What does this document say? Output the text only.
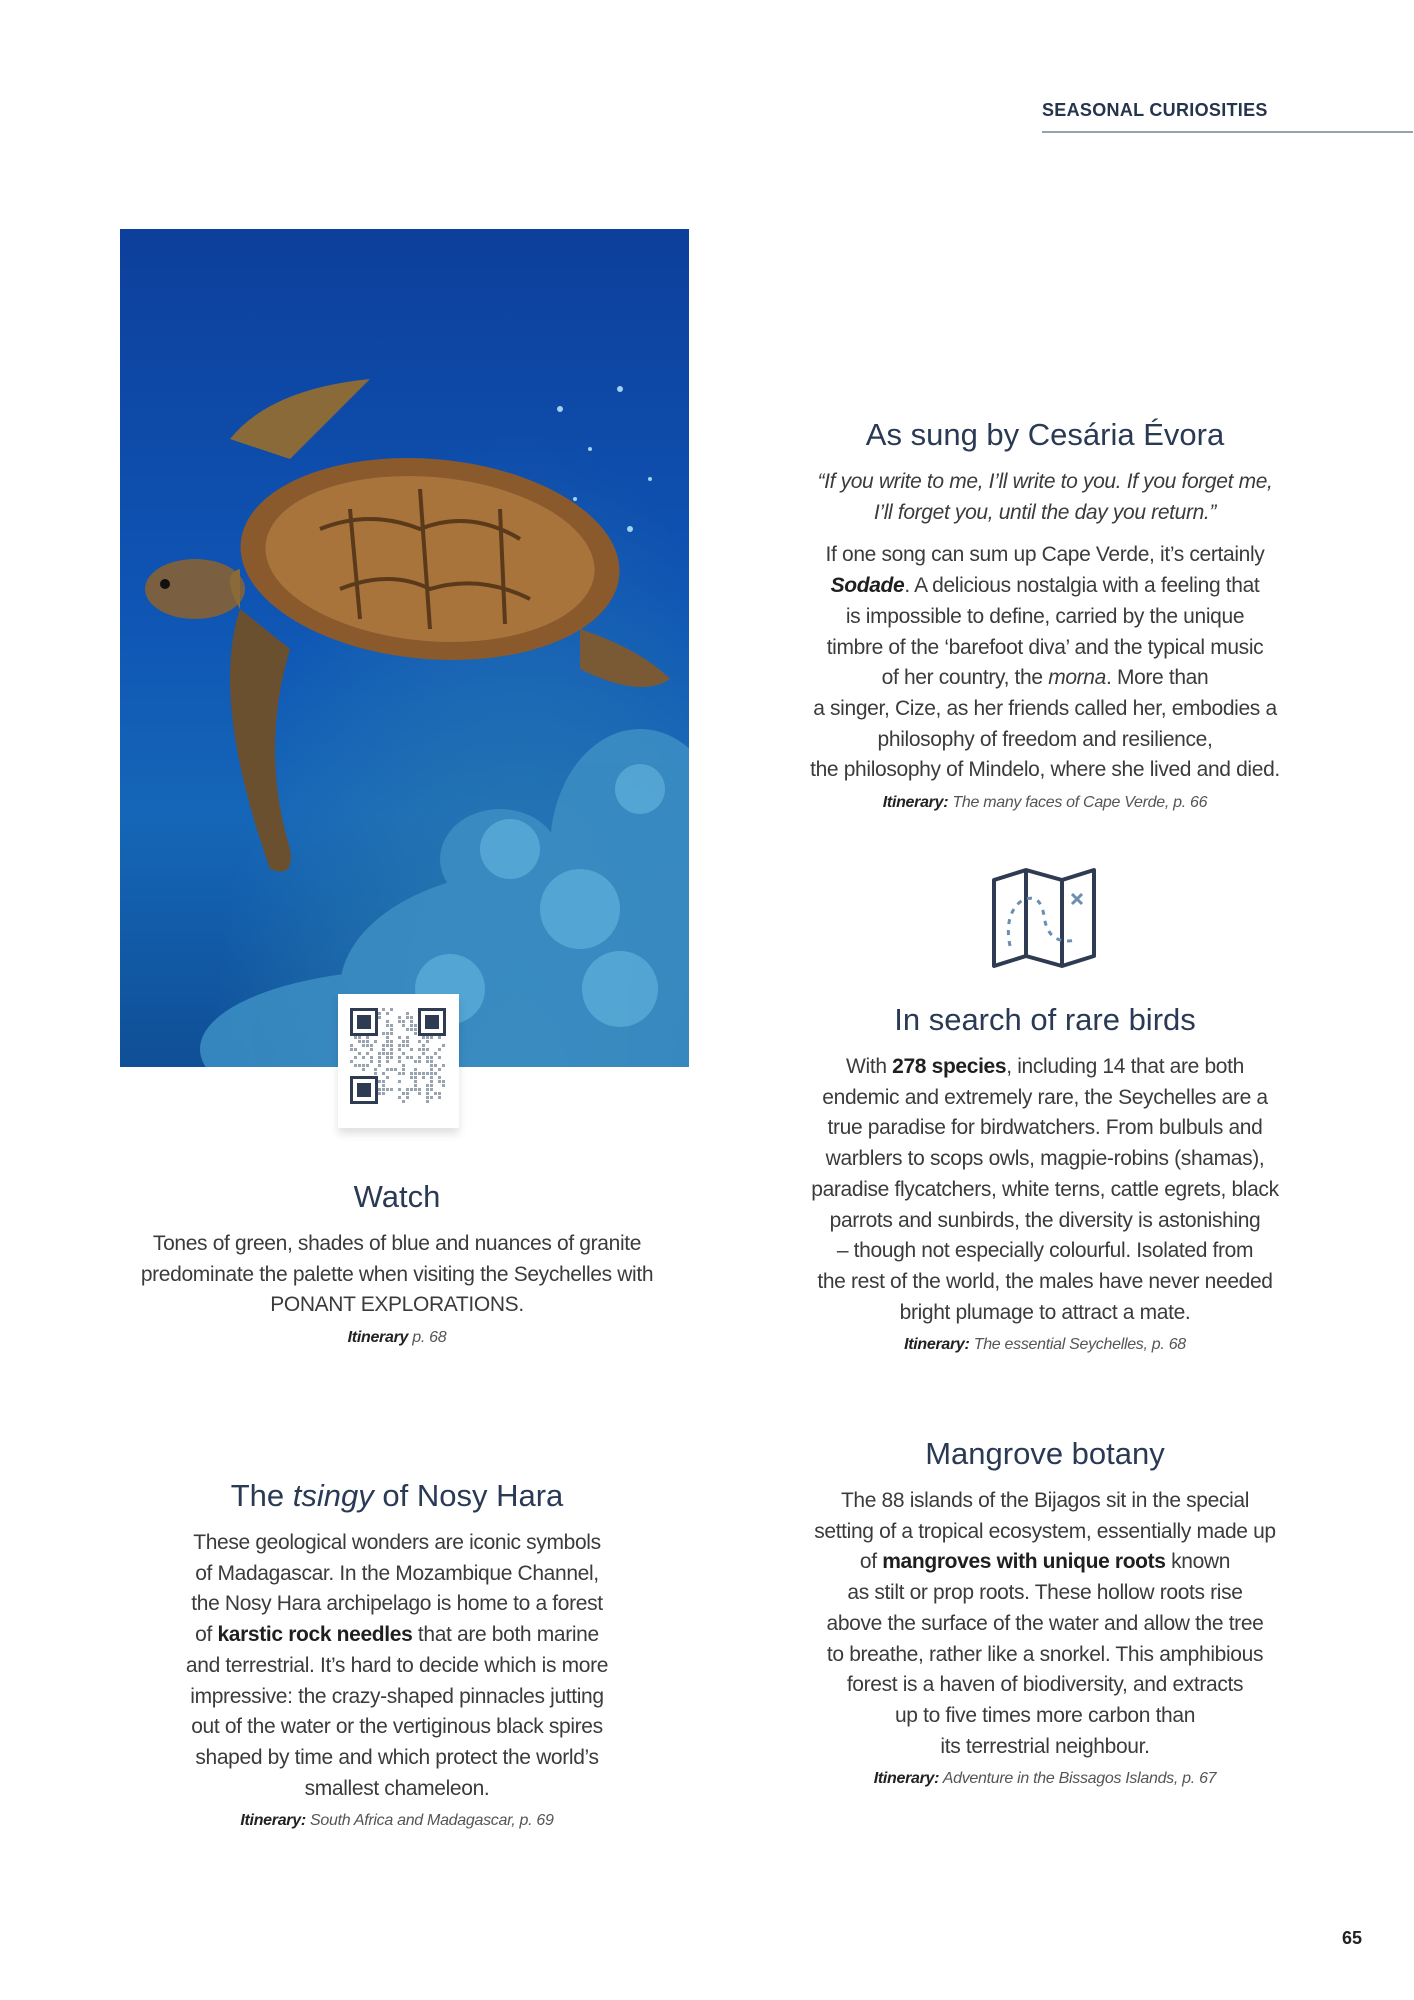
SEASONAL CURIOSITIES
As sung by Cesária Évora
“If you write to me, I’ll write to you. If you forget me,
I’ll forget you, until the day you return.”
If one song can sum up Cape Verde, it’s certainly
Sodade. A delicious nostalgia with a feeling that
is impossible to define, carried by the unique
timbre of the ‘barefoot diva’ and the typical music
of her country, the morna. More than
a singer, Cize, as her friends called her, embodies a
philosophy of freedom and resilience,
the philosophy of Mindelo, where she lived and died.
Itinerary: The many faces of Cape Verde, p. 66
In search of rare birds
With 278 species, including 14 that are both
endemic and extremely rare, the Seychelles are a
true paradise for birdwatchers. From bulbuls and
warblers to scops owls, magpie-robins (shamas),
paradise flycatchers, white terns, cattle egrets, black
parrots and sunbirds, the diversity is astonishing
– though not especially colourful. Isolated from
the rest of the world, the males have never needed
bright plumage to attract a mate.
Itinerary: The essential Seychelles, p. 68
Watch
Tones of green, shades of blue and nuances of granite
predominate the palette when visiting the Seychelles with
PONANT EXPLORATIONS.
Itinerary p. 68
The tsingy of Nosy Hara
These geological wonders are iconic symbols
of Madagascar. In the Mozambique Channel,
the Nosy Hara archipelago is home to a forest
of karstic rock needles that are both marine
and terrestrial. It’s hard to decide which is more
impressive: the crazy-shaped pinnacles jutting
out of the water or the vertiginous black spires
shaped by time and which protect the world’s
smallest chameleon.
Itinerary: South Africa and Madagascar, p. 69
Mangrove botany
The 88 islands of the Bijagos sit in the special
setting of a tropical ecosystem, essentially made up
of mangroves with unique roots known
as stilt or prop roots. These hollow roots rise
above the surface of the water and allow the tree
to breathe, rather like a snorkel. This amphibious
forest is a haven of biodiversity, and extracts
up to five times more carbon than
its terrestrial neighbour.
Itinerary: Adventure in the Bissagos Islands, p. 67
65
